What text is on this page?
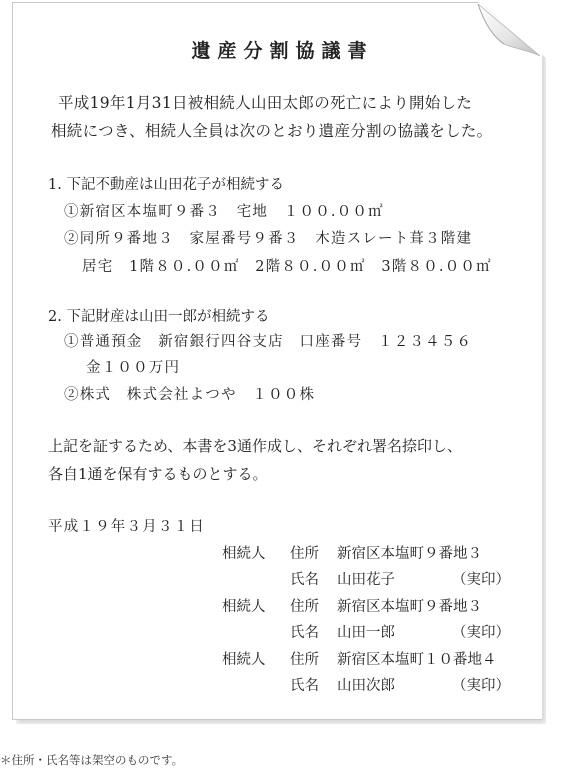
遺産分割協議書
平成19年1月31日被相続人山田太郎の死亡により開始した
相続につき、相続人全員は次のとおり遺産分割の協議をした。
1. 下記不動産は山田花子が相続する
①新宿区本塩町９番３　宅地　１００.００㎡
②同所９番地３　家屋番号９番３　木造スレート葺３階建
居宅　1階８０.００㎡　2階８０.００㎡　3階８０.００㎡
2. 下記財産は山田一郎が相続する
①普通預金　新宿銀行四谷支店　口座番号　１２３４５６
金１００万円
②株式　株式会社よつや　１００株
上記を証するため、本書を3通作成し、それぞれ署名捺印し、
各自1通を保有するものとする。
平成１９年３月３１日
相続人 住所 新宿区本塩町９番地３
氏名 山田花子	（実印）
相続人 住所 新宿区本塩町９番地３
氏名 山田一郎	（実印）
相続人 住所 新宿区本塩町１０番地４
氏名 山田次郎	（実印）
＊住所・氏名等は架空のものです。
